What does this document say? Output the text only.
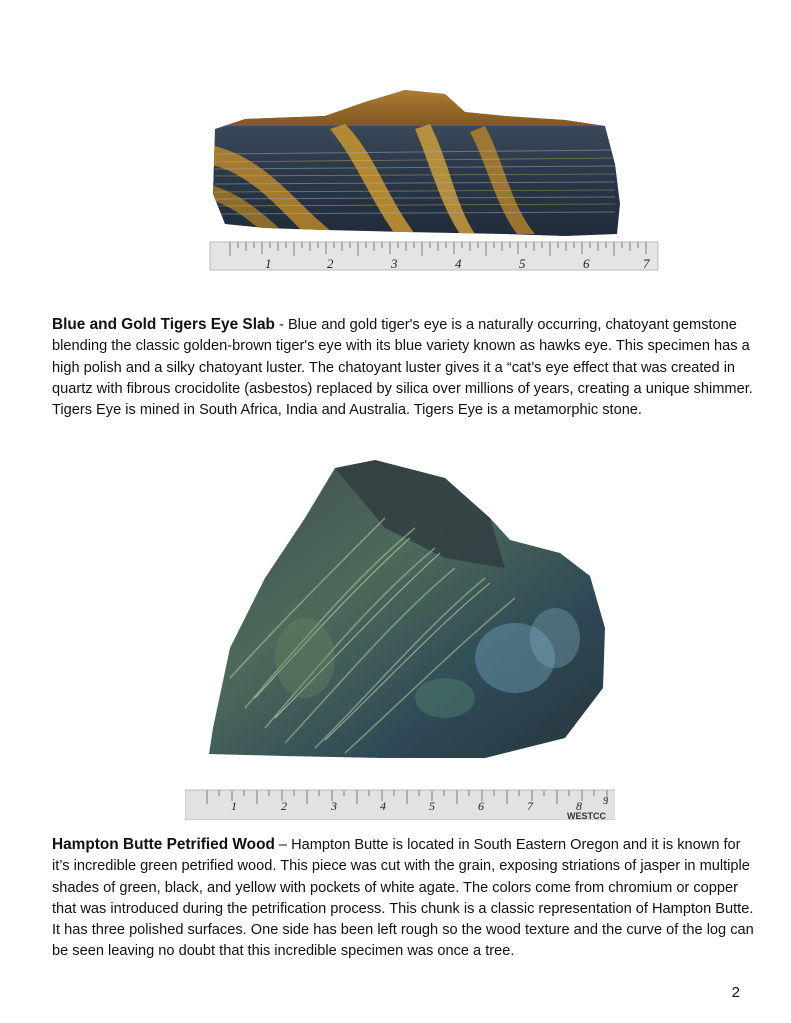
1	2	3	4	5	6	7

Blue and Gold Tigers Eye Slab - Blue and gold tiger's eye is a naturally occurring, chatoyant gemstone blending the classic golden-brown tiger's eye with its blue variety known as hawks eye. This specimen has a high polish and a silky chatoyant luster. The chatoyant luster gives it a “cat’s eye effect that was created in quartz with fibrous crocidolite (asbestos) replaced by silica over millions of years, creating a unique shimmer. Tigers Eye is mined in South Africa, India and Australia. Tigers Eye is a metamorphic stone.

1	2	3	4	5	6	7	8 9
WESTCC

Hampton Butte Petrified Wood – Hampton Butte is located in South Eastern Oregon and it is known for it’s incredible green petrified wood. This piece was cut with the grain, exposing striations of jasper in multiple shades of green, black, and yellow with pockets of white agate. The colors come from chromium or copper that was introduced during the petrification process. This chunk is a classic representation of Hampton Butte. It has three polished surfaces. One side has been left rough so the wood texture and the curve of the log can be seen leaving no doubt that this incredible specimen was once a tree.

2
